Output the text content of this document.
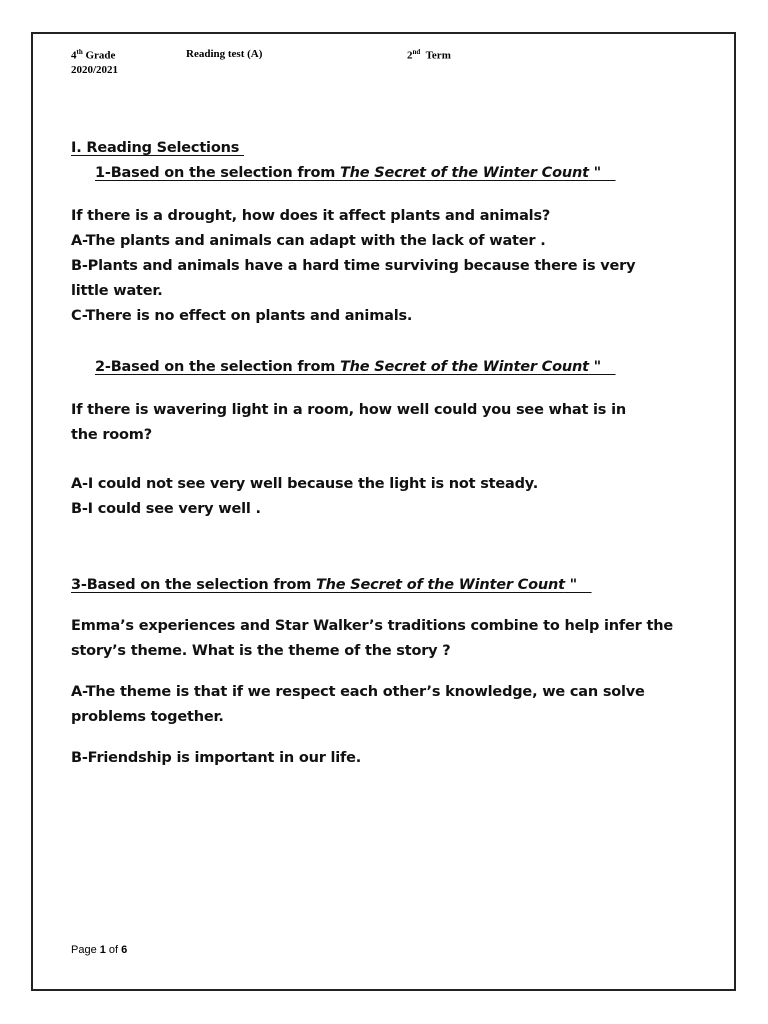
4th Grade
2020/2021
Reading test (A)	2nd  Term
I. Reading Selections
1-Based on the selection from The Secret of the Winter Count "
If there is a drought, how does it affect plants and animals?
A-The plants and animals can adapt with the lack of water .
B-Plants and animals have a hard time surviving because there is very
little water.
C-There is no effect on plants and animals.
2-Based on the selection from The Secret of the Winter Count "
If there is wavering light in a room, how well could you see what is in
the room?
A-I could not see very well because the light is not steady.
B-I could see very well .
3-Based on the selection from The Secret of the Winter Count "
Emma’s experiences and Star Walker’s traditions combine to help infer the
story’s theme. What is the theme of the story ?
A-The theme is that if we respect each other’s knowledge, we can solve
problems together.
B-Friendship is important in our life.
Page 1 of 6
